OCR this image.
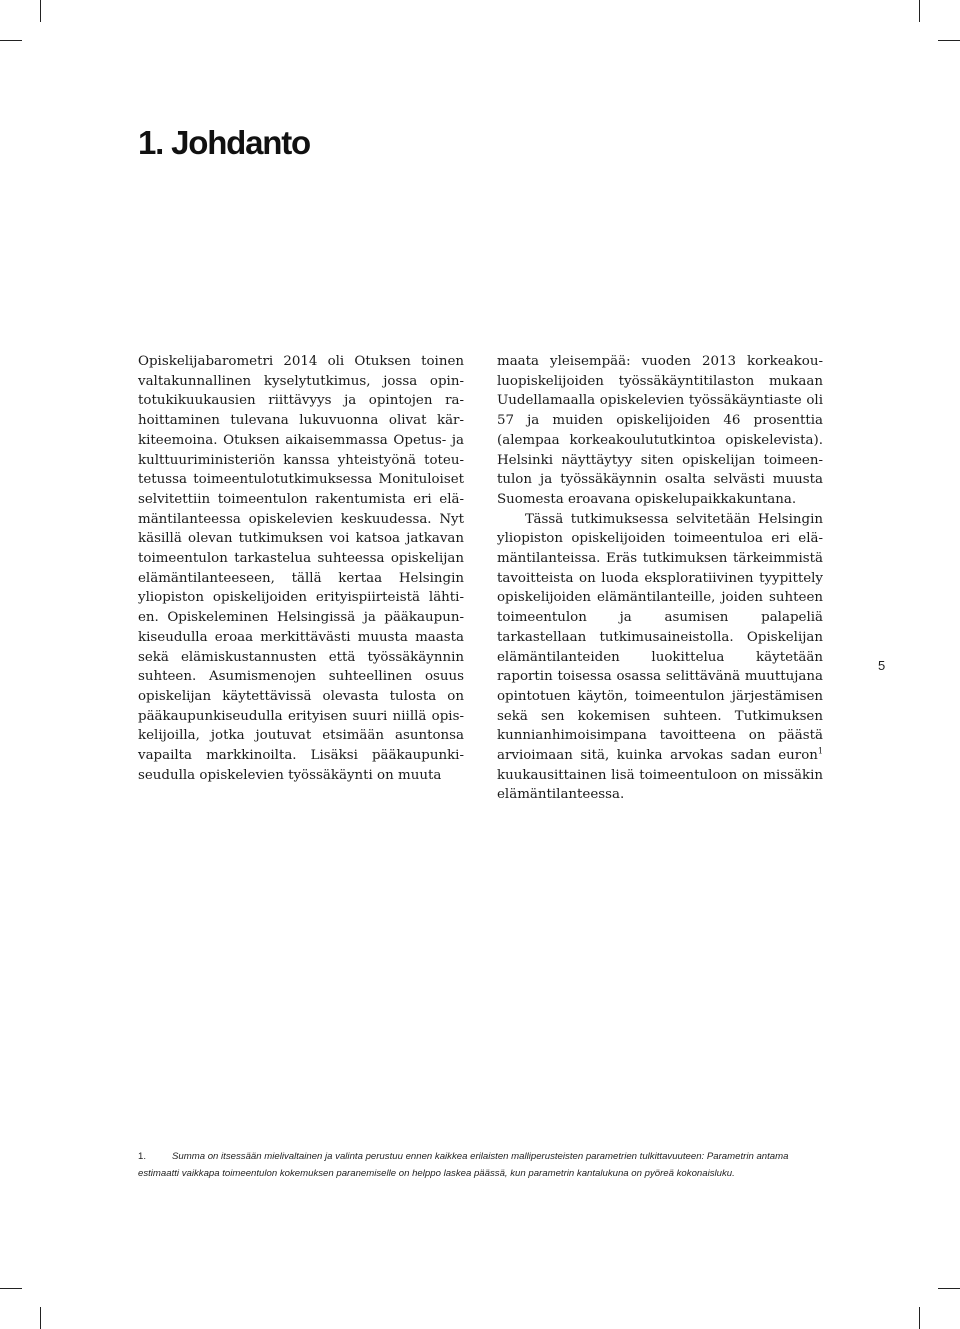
1. Johdanto

Opiskelijabarometri 2014 oli Otuksen toinen valtakunnallinen kyselytutkimus, jossa opintotukikuukausien riittävyys ja opintojen rahoittaminen tulevana lukuvuonna olivat kärkiteemoina. Otuksen aikaisemmassa Opetus- ja kulttuuriministeriön kanssa yhteistyönä toteutetussa toimeentulotutkimuksessa Monituloiset selvitettiin toimeentulon rakentumista eri elämäntilanteessa opiskelevien keskuudessa. Nyt käsillä olevan tutkimuksen voi katsoa jatkavan toimeentulon tarkastelua suhteessa opiskelijan elämäntilanteeseen, tällä kertaa Helsingin yliopiston opiskelijoiden erityispiirteistä lähtien. Opiskeleminen Helsingissä ja pääkaupunkiseudulla eroaa merkittävästi muusta maasta sekä elämiskustannusten että työssäkäynnin suhteen. Asumismenojen suhteellinen osuus opiskelijan käytettävissä olevasta tulosta on pääkaupunkiseudulla erityisen suuri niillä opiskelijoilla, jotka joutuvat etsimään asuntonsa vapailta markkinoilta. Lisäksi pääkaupunkiseudulla opiskelevien työssäkäynti on muuta

maata yleisempää: vuoden 2013 korkeakouluopiskelijoiden työssäkäyntitilaston mukaan Uudellamaalla opiskelevien työssäkäyntiaste oli 57 ja muiden opiskelijoiden 46 prosenttia (alempaa korkeakoulututkintoa opiskelevista). Helsinki näyttäytyy siten opiskelijan toimeentulon ja työssäkäynnin osalta selvästi muusta Suomesta eroavana opiskelupaikkakuntana.

Tässä tutkimuksessa selvitetään Helsingin yliopiston opiskelijoiden toimeentuloa eri elämäntilanteissa. Eräs tutkimuksen tärkeimmistä tavoitteista on luoda eksploratiivinen tyypittely opiskelijoiden elämäntilanteille, joiden suhteen toimeentulon ja asumisen palapeliä tarkastellaan tutkimusaineistolla. Opiskelijan elämäntilanteiden luokittelua käytetään raportin toisessa osassa selittävänä muuttujana opintotuen käytön, toimeentulon järjestämisen sekä sen kokemisen suhteen. Tutkimuksen kunnianhimoisimpana tavoitteena on päästä arvioimaan sitä, kuinka arvokas sadan euron$^1$ kuukausittainen lisä toimeentuloon on missäkin elämäntilanteessa.

5
1.	Summa on itsessään mielivaltainen ja valinta perustuu ennen kaikkea erilaisten malliperusteisten parametrien tulkittavuuteen: Parametrin antama estimaatti vaikkapa toimeentulon kokemuksen paranemiselle on helppo laskea päässä, kun parametrin kantalukuna on pyöreä kokonaisluku.
